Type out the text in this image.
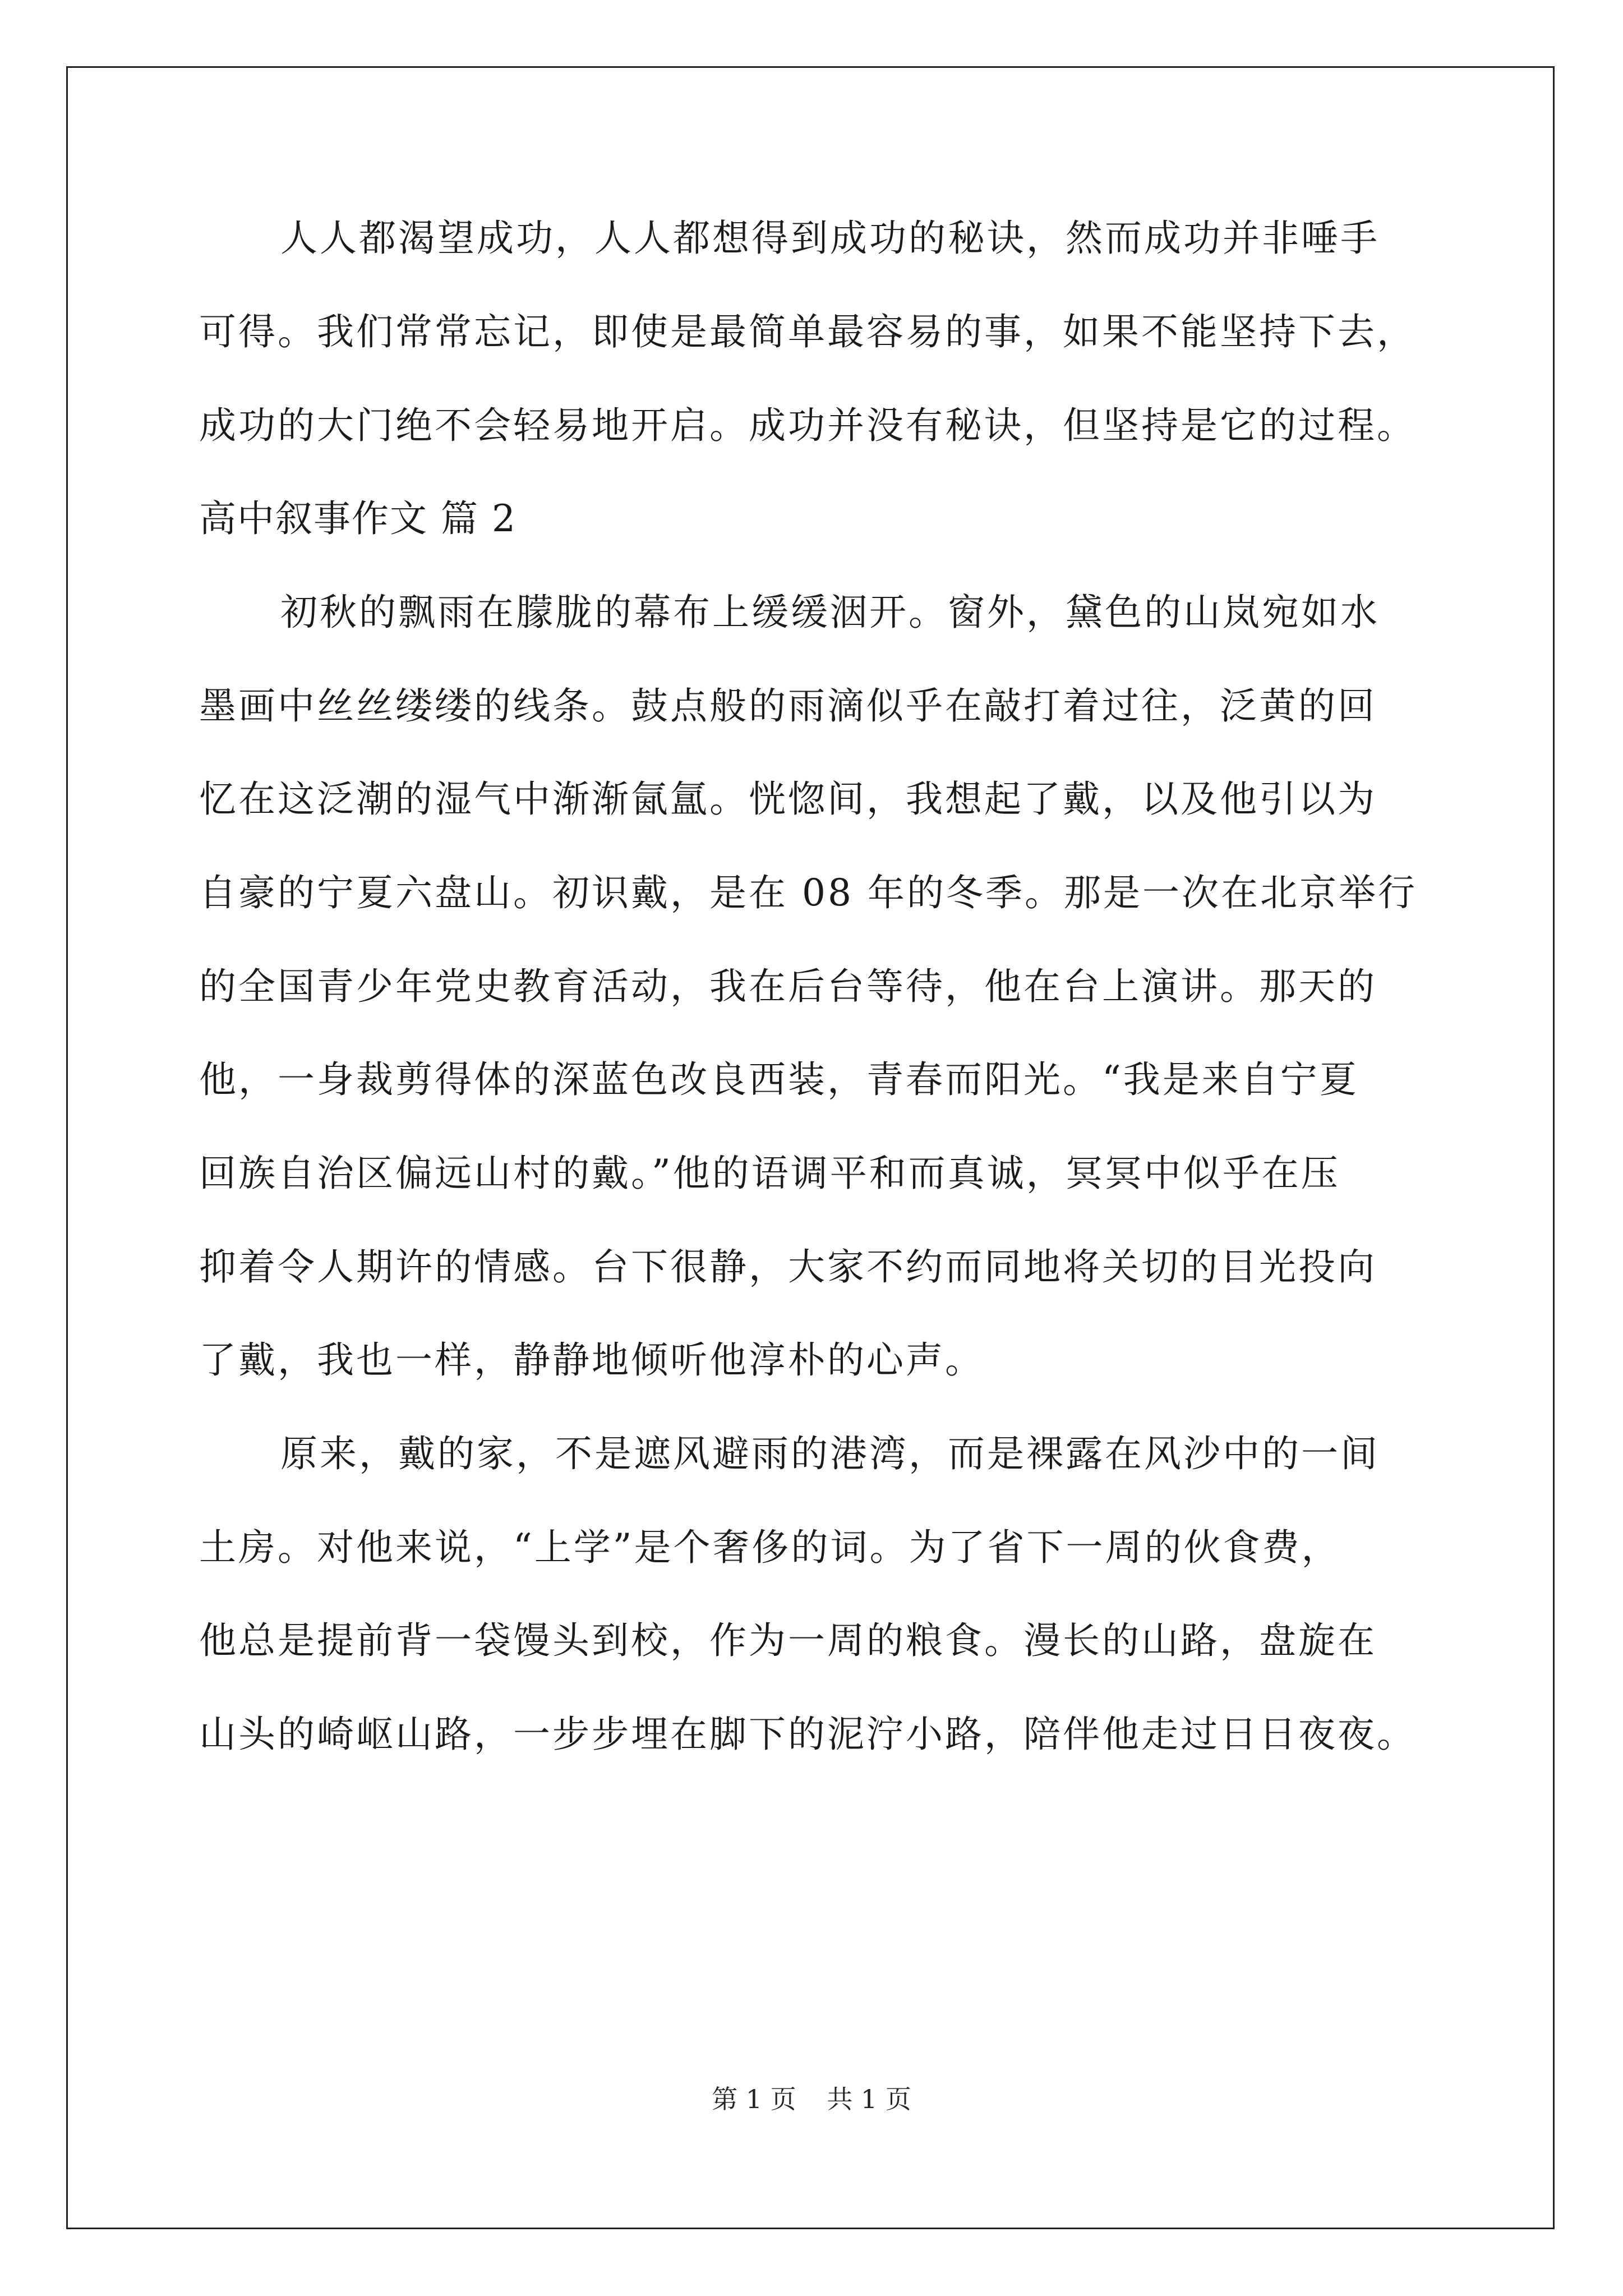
人人都渴望成功，人人都想得到成功的秘诀，然而成功并非唾手
可得。我们常常忘记，即使是最简单最容易的事，如果不能坚持下去，
成功的大门绝不会轻易地开启。成功并没有秘诀，但坚持是它的过程。
高中叙事作文 篇 2
初秋的飘雨在朦胧的幕布上缓缓洇开。窗外，黛色的山岚宛如水
墨画中丝丝缕缕的线条。鼓点般的雨滴似乎在敲打着过往，泛黄的回
忆在这泛潮的湿气中渐渐氤氲。恍惚间，我想起了戴，以及他引以为
自豪的宁夏六盘山。初识戴，是在 08 年的冬季。那是一次在北京举行
的全国青少年党史教育活动，我在后台等待，他在台上演讲。那天的
他，一身裁剪得体的深蓝色改良西装，青春而阳光。“我是来自宁夏
回族自治区偏远山村的戴。”他的语调平和而真诚，冥冥中似乎在压
抑着令人期许的情感。台下很静，大家不约而同地将关切的目光投向
了戴，我也一样，静静地倾听他淳朴的心声。
原来，戴的家，不是遮风避雨的港湾，而是裸露在风沙中的一间
土房。对他来说，“上学”是个奢侈的词。为了省下一周的伙食费，
他总是提前背一袋馒头到校，作为一周的粮食。漫长的山路，盘旋在
山头的崎岖山路，一步步埋在脚下的泥泞小路，陪伴他走过日日夜夜。
第 1 页 共 1 页
